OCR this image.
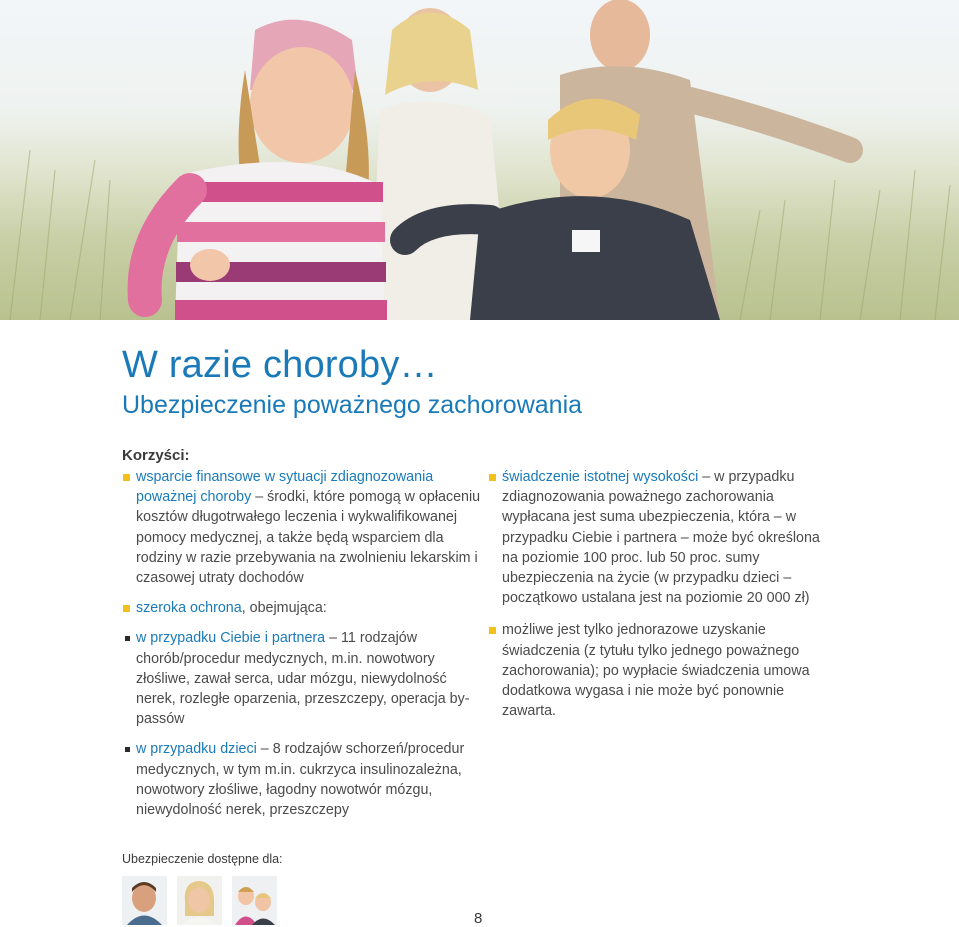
W razie choroby…
Ubezpieczenie poważnego zachorowania

Korzyści:

wsparcie finansowe w sytuacji zdiagnozowania poważnej choroby – środki, które pomogą w opłaceniu kosztów długotrwałego leczenia i wykwalifikowanej pomocy medycznej, a także będą wsparciem dla rodziny w razie przebywania na zwolnieniu lekarskim i czasowej utraty dochodów

szeroka ochrona, obejmująca:

w przypadku Ciebie i partnera – 11 rodzajów chorób/procedur medycznych, m.in. nowotwory złośliwe, zawał serca, udar mózgu, niewydolność nerek, rozległe oparzenia, przeszczepy, operacja by-passów

w przypadku dzieci – 8 rodzajów schorzeń/procedur medycznych, w tym m.in. cukrzyca insulinozależna, nowotwory złośliwe, łagodny nowotwór mózgu, niewydolność nerek, przeszczepy

świadczenie istotnej wysokości – w przypadku zdiagnozowania poważnego zachorowania wypłacana jest suma ubezpieczenia, która – w przypadku Ciebie i partnera – może być określona na poziomie 100 proc. lub 50 proc. sumy ubezpieczenia na życie (w przypadku dzieci – początkowo ustalana jest na poziomie 20 000 zł)

możliwe jest tylko jednorazowe uzyskanie świadczenia (z tytułu tylko jednego poważnego zachorowania); po wypłacie świadczenia umowa dodatkowa wygasa i nie może być ponownie zawarta.

Ubezpieczenie dostępne dla:

8
